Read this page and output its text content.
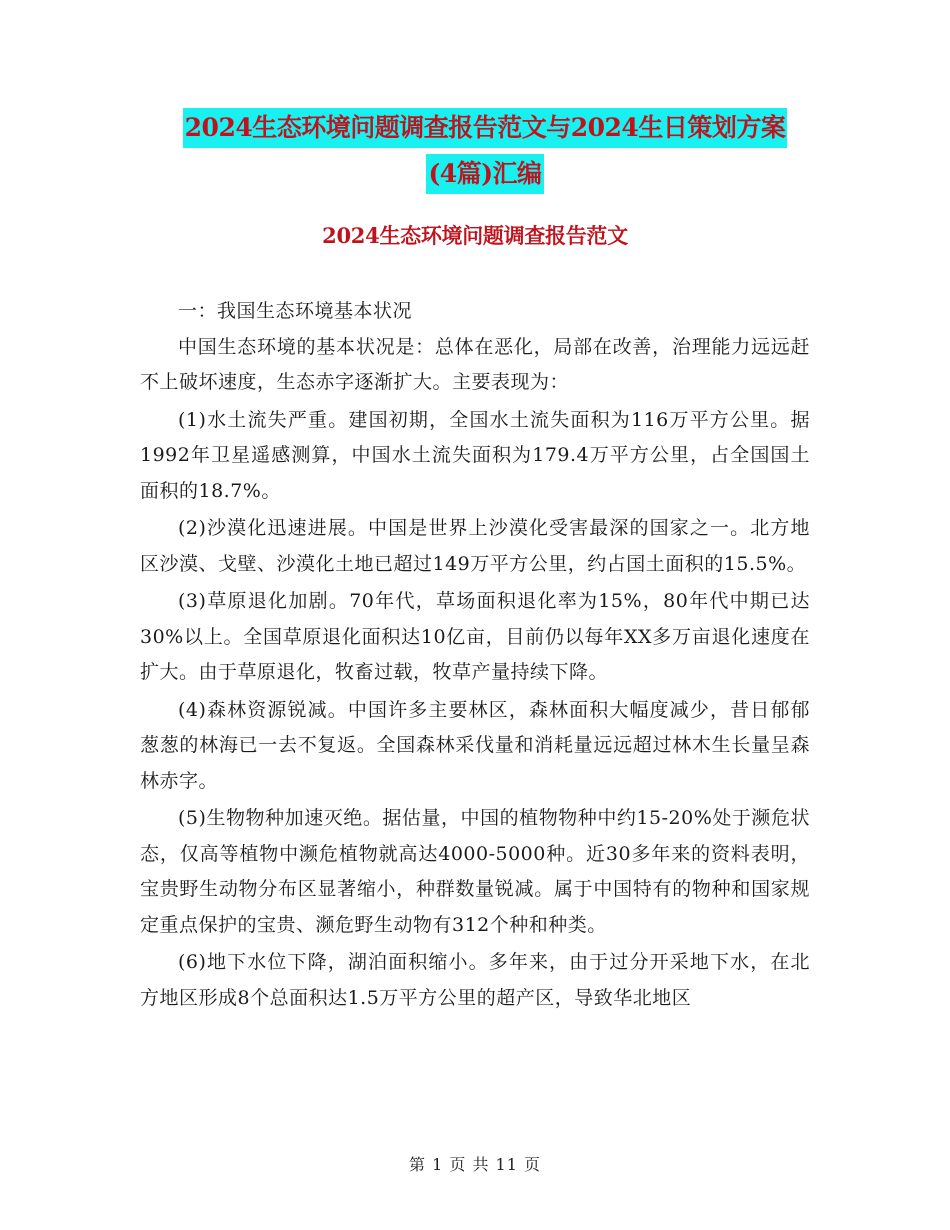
2024生态环境问题调查报告范文与2024生日策划方案
(4篇)汇编
2024生态环境问题调查报告范文

一：我国生态环境基本状况

中国生态环境的基本状况是：总体在恶化，局部在改善，治理能力远远赶不上破坏速度，生态赤字逐渐扩大。主要表现为：

(1)水土流失严重。建国初期，全国水土流失面积为116万平方公里。据1992年卫星遥感测算，中国水土流失面积为179.4万平方公里，占全国国土面积的18.7%。

(2)沙漠化迅速进展。中国是世界上沙漠化受害最深的国家之一。北方地区沙漠、戈壁、沙漠化土地已超过149万平方公里，约占国土面积的15.5%。

(3)草原退化加剧。70年代，草场面积退化率为15%，80年代中期已达30%以上。全国草原退化面积达10亿亩，目前仍以每年XX多万亩退化速度在扩大。由于草原退化，牧畜过载，牧草产量持续下降。

(4)森林资源锐减。中国许多主要林区，森林面积大幅度减少，昔日郁郁葱葱的林海已一去不复返。全国森林采伐量和消耗量远远超过林木生长量呈森林赤字。

(5)生物物种加速灭绝。据估量，中国的植物物种中约15-20%处于濒危状态，仅高等植物中濒危植物就高达4000-5000种。近30多年来的资料表明，宝贵野生动物分布区显著缩小，种群数量锐减。属于中国特有的物种和国家规定重点保护的宝贵、濒危野生动物有312个种和种类。

(6)地下水位下降，湖泊面积缩小。多年来，由于过分开采地下水，在北方地区形成8个总面积达1.5万平方公里的超产区，导致华北地区

第 1 页 共 11 页
